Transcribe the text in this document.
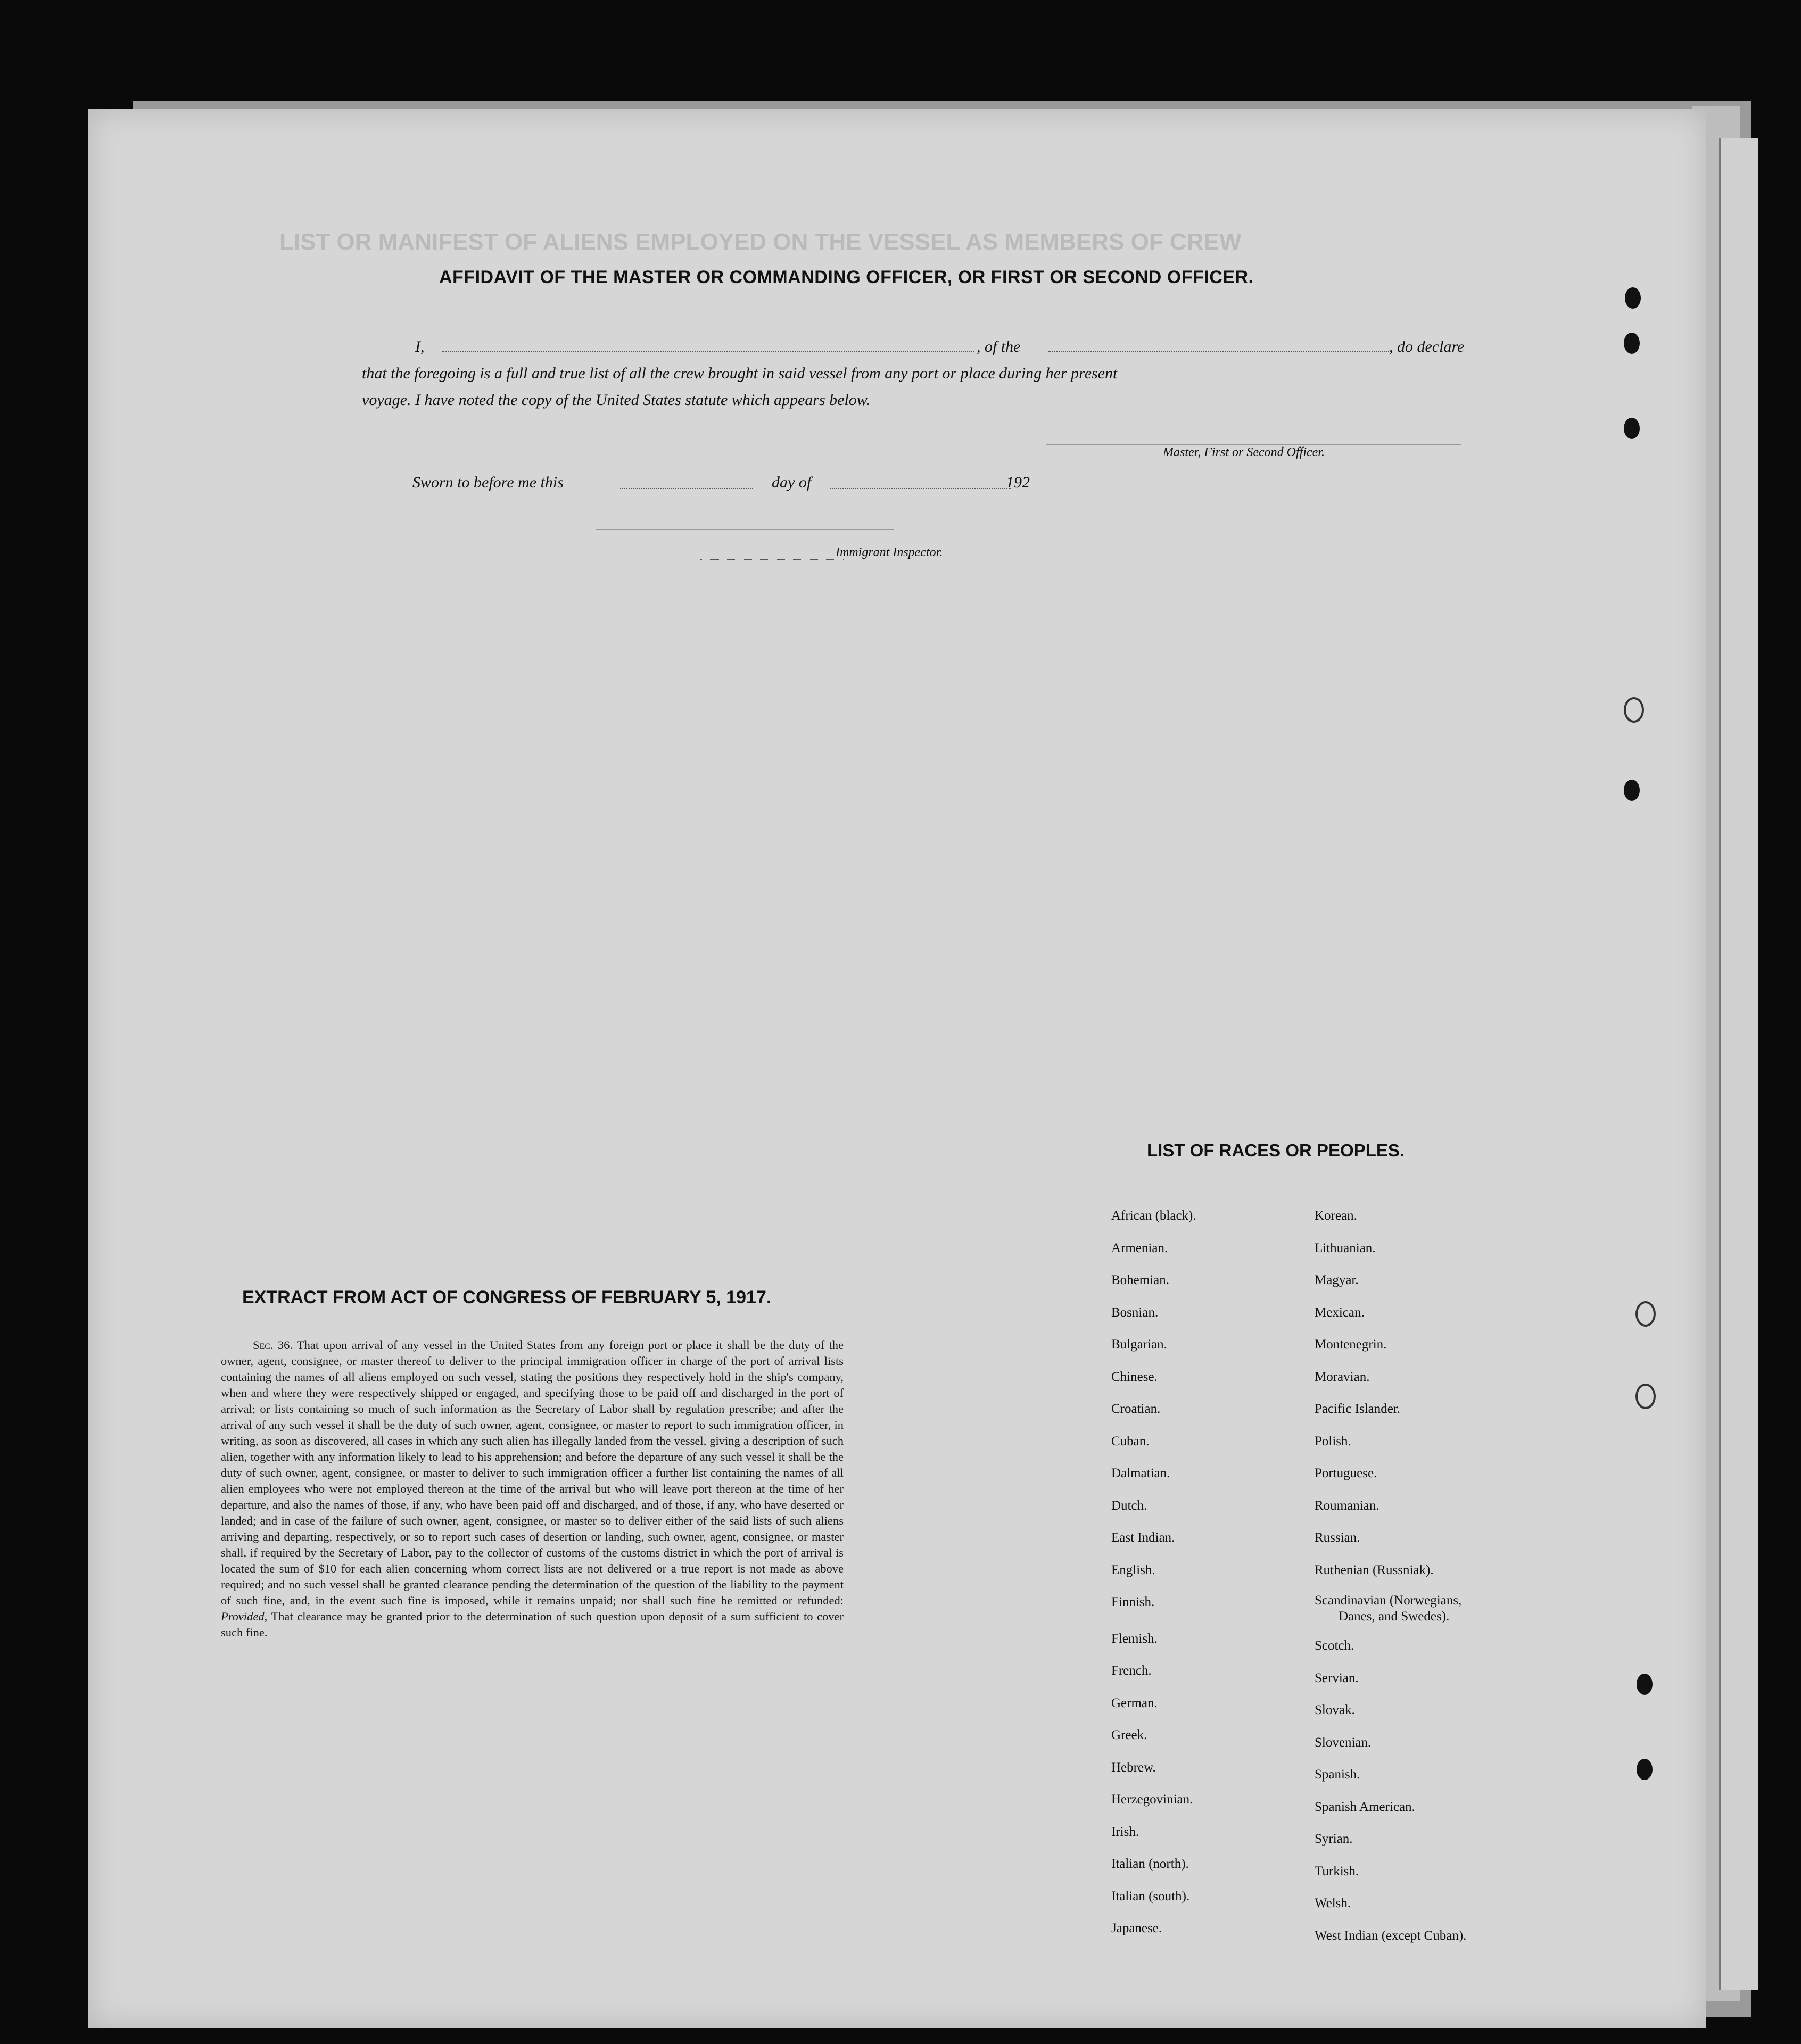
LIST OR MANIFEST OF ALIENS EMPLOYED ON THE VESSEL AS MEMBERS OF CREW
AFFIDAVIT OF THE MASTER OR COMMANDING OFFICER, OR FIRST OR SECOND OFFICER.
I,	, of the	, do declare
that the foregoing is a full and true list of all the crew brought in said vessel from any port or place during her present
voyage. I have noted the copy of the United States statute which appears below.
Master, First or Second Officer.
Sworn to before me this	day of	192
Immigrant Inspector.
LIST OF RACES OR PEOPLES.
African (black).
Armenian.
Bohemian.
Bosnian.
Bulgarian.
Chinese.
Croatian.
Cuban.
Dalmatian.
Dutch.
East Indian.
English.
Finnish.
Flemish.
French.
German.
Greek.
Hebrew.
Herzegovinian.
Irish.
Italian (north).
Italian (south).
Japanese.
Korean.
Lithuanian.
Magyar.
Mexican.
Montenegrin.
Moravian.
Pacific Islander.
Polish.
Portuguese.
Roumanian.
Russian.
Ruthenian (Russniak).
Scandinavian (Norwegians,
Danes, and Swedes).
Scotch.
Servian.
Slovak.
Slovenian.
Spanish.
Spanish American.
Syrian.
Turkish.
Welsh.
West Indian (except Cuban).
EXTRACT FROM ACT OF CONGRESS OF FEBRUARY 5, 1917.
Sec. 36. That upon arrival of any vessel in the United States from any foreign port or place it shall be the duty of the owner, agent, consignee, or master thereof to deliver to the principal immigration officer in charge of the port of arrival lists containing the names of all aliens employed on such vessel, stating the positions they respectively hold in the ship's company, when and where they were respectively shipped or engaged, and specifying those to be paid off and discharged in the port of arrival; or lists containing so much of such information as the Secretary of Labor shall by regulation prescribe; and after the arrival of any such vessel it shall be the duty of such owner, agent, consignee, or master to report to such immigration officer, in writing, as soon as discovered, all cases in which any such alien has illegally landed from the vessel, giving a description of such alien, together with any information likely to lead to his apprehension; and before the departure of any such vessel it shall be the duty of such owner, agent, consignee, or master to deliver to such immigration officer a further list containing the names of all alien employees who were not employed thereon at the time of the arrival but who will leave port thereon at the time of her departure, and also the names of those, if any, who have been paid off and discharged, and of those, if any, who have deserted or landed; and in case of the failure of such owner, agent, consignee, or master so to deliver either of the said lists of such aliens arriving and departing, respectively, or so to report such cases of desertion or landing, such owner, agent, consignee, or master shall, if required by the Secretary of Labor, pay to the collector of customs of the customs district in which the port of arrival is located the sum of $10 for each alien concerning whom correct lists are not delivered or a true report is not made as above required; and no such vessel shall be granted clearance pending the determination of the question of the liability to the payment of such fine, and, in the event such fine is imposed, while it remains unpaid; nor shall such fine be remitted or refunded: Provided, That clearance may be granted prior to the determination of such question upon deposit of a sum sufficient to cover such fine.
